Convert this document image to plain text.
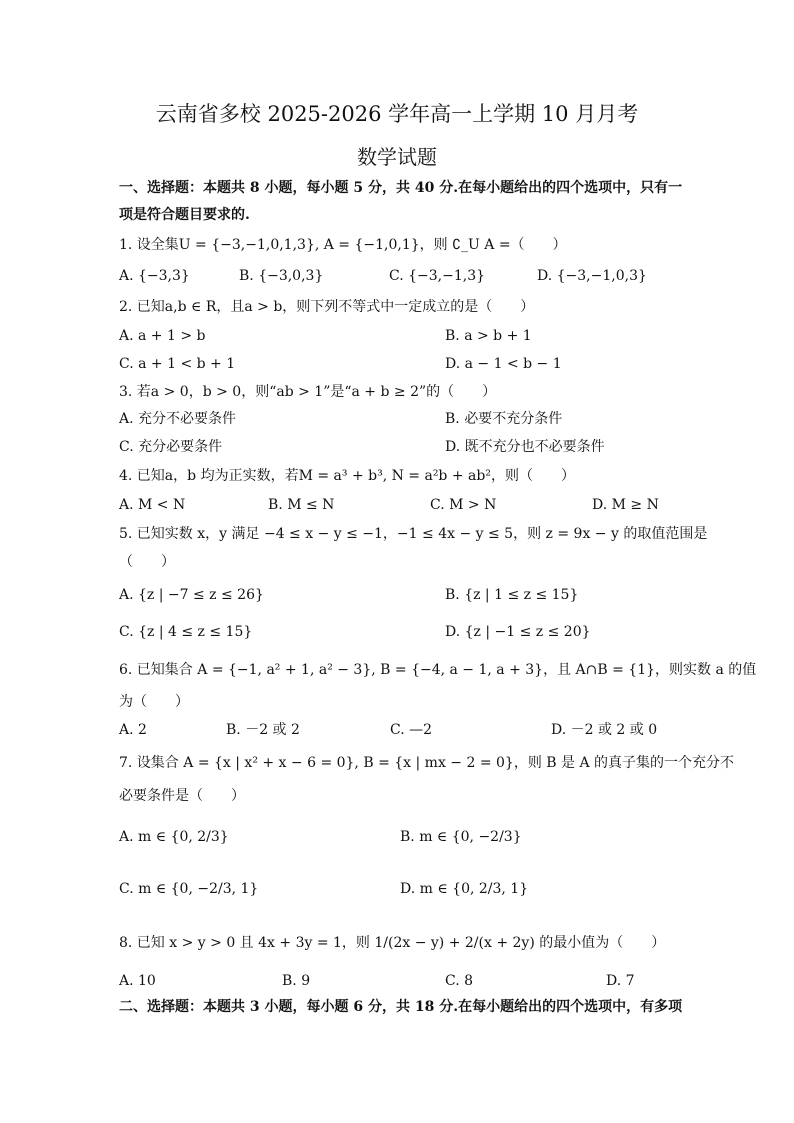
云南省多校 2025-2026 学年高一上学期 10 月月考
数学试题
一、选择题：本题共 8 小题，每小题 5 分，共 40 分.在每小题给出的四个选项中，只有一
项是符合题目要求的.
1. 设全集U = {−3,−1,0,1,3}, A = {−1,0,1}，则 ∁_U A =（　　）
A. {−3,3}	B. {−3,0,3}	C. {−3,−1,3}	D. {−3,−1,0,3}
2. 已知a,b ∈ R，且a > b，则下列不等式中一定成立的是（　　）
A. a + 1 > b	B. a > b + 1
C. a + 1 < b + 1	D. a − 1 < b − 1
3. 若a > 0，b > 0，则“ab > 1”是“a + b ≥ 2”的（　　）
A. 充分不必要条件	B. 必要不充分条件
C. 充分必要条件	D. 既不充分也不必要条件
4. 已知a，b 均为正实数，若M = a³ + b³, N = a²b + ab²，则（　　）
A. M < N	B. M ≤ N	C. M > N	D. M ≥ N
5. 已知实数 x，y 满足 −4 ≤ x − y ≤ −1，−1 ≤ 4x − y ≤ 5，则 z = 9x − y 的取值范围是
（　　）
A. {z | −7 ≤ z ≤ 26}	B. {z | 1 ≤ z ≤ 15}
C. {z | 4 ≤ z ≤ 15}	D. {z | −1 ≤ z ≤ 20}
6. 已知集合 A = {−1, a² + 1, a² − 3}, B = {−4, a − 1, a + 3}，且 A∩B = {1}，则实数 a 的值
为（　　）
A. 2	B. －2 或 2	C. —2	D. －2 或 2 或 0
7. 设集合 A = {x | x² + x − 6 = 0}, B = {x | mx − 2 = 0}，则 B 是 A 的真子集的一个充分不
必要条件是（　　）
A. m ∈ {0, 2/3}	B. m ∈ {0, −2/3}
C. m ∈ {0, −2/3, 1}	D. m ∈ {0, 2/3, 1}
8. 已知 x > y > 0 且 4x + 3y = 1，则 1/(2x − y) + 2/(x + 2y) 的最小值为（　　）
A. 10	B. 9	C. 8	D. 7
二、选择题：本题共 3 小题，每小题 6 分，共 18 分.在每小题给出的四个选项中，有多项
